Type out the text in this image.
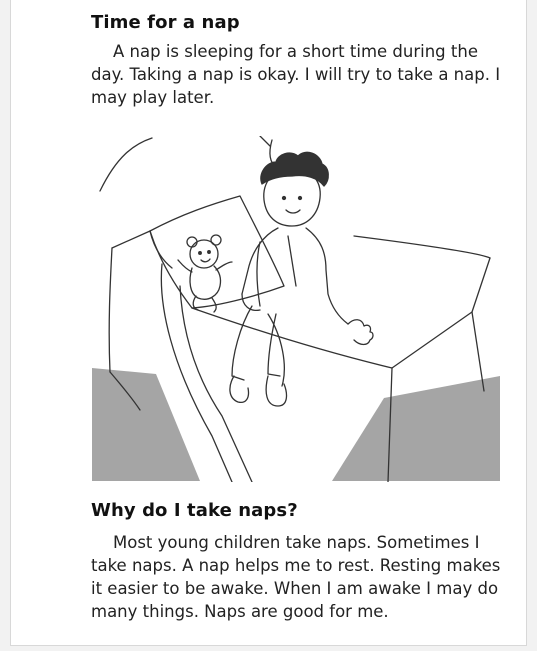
Time for a nap

A nap is sleeping for a short time during the day. Taking a nap is okay. I will try to take a nap. I may play later.

Why do I take naps?

Most young children take naps. Sometimes I take naps. A nap helps me to rest. Resting makes it easier to be awake. When I am awake I may do many things. Naps are good for me.
